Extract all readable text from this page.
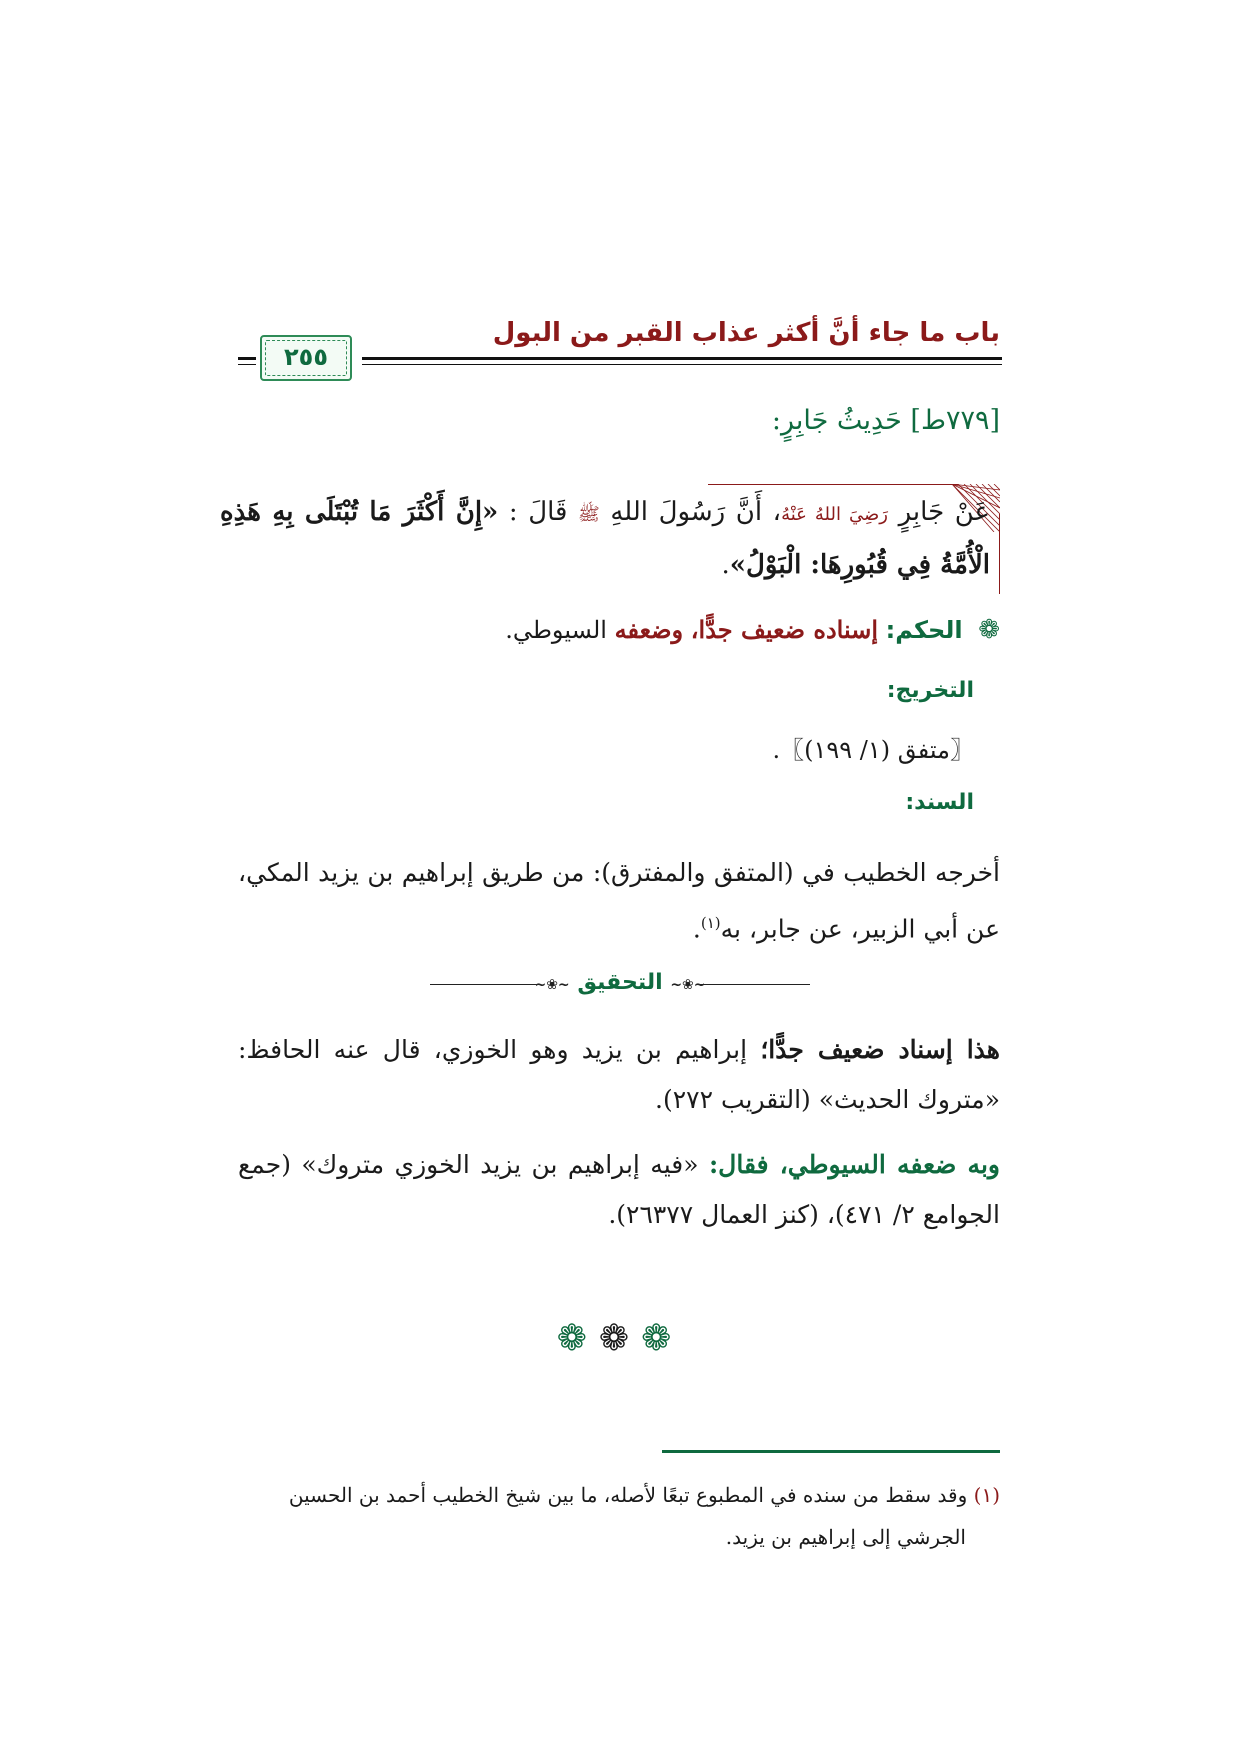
باب ما جاء أنَّ أكثر عذاب القبر من البول
٢٥٥
[٧٧٩ط] حَدِيثُ جَابِرٍ:
عَنْ جَابِرٍ رَضِيَ اللهُ عَنْهُ، أَنَّ رَسُولَ اللهِ ﷺ قَالَ : «إِنَّ أَكْثَرَ مَا تُبْتَلَى بِهِ هَذِهِ الْأُمَّةُ فِي قُبُورِهَا: الْبَوْلُ».
❁ الحكم: إسناده ضعيف جدًّا، وضعفه السيوطي.
التخريج:
〖متفق (١/ ١٩٩)〗.
السند:
أخرجه الخطيب في (المتفق والمفترق): من طريق إبراهيم بن يزيد المكي، عن أبي الزبير، عن جابر، به$^{(١)}$.
~❀~ التحقيق ~❀~
هذا إسناد ضعيف جدًّا؛ إبراهيم بن يزيد وهو الخوزي، قال عنه الحافظ: «متروك الحديث» (التقريب ٢٧٢).
وبه ضعفه السيوطي، فقال: «فيه إبراهيم بن يزيد الخوزي متروك» (جمع الجوامع ٢/ ٤٧١)، (كنز العمال ٢٦٣٧٧).
❁❁❁
(١) وقد سقط من سنده في المطبوع تبعًا لأصله، ما بين شيخ الخطيب أحمد بن الحسين
الجرشي إلى إبراهيم بن يزيد.
